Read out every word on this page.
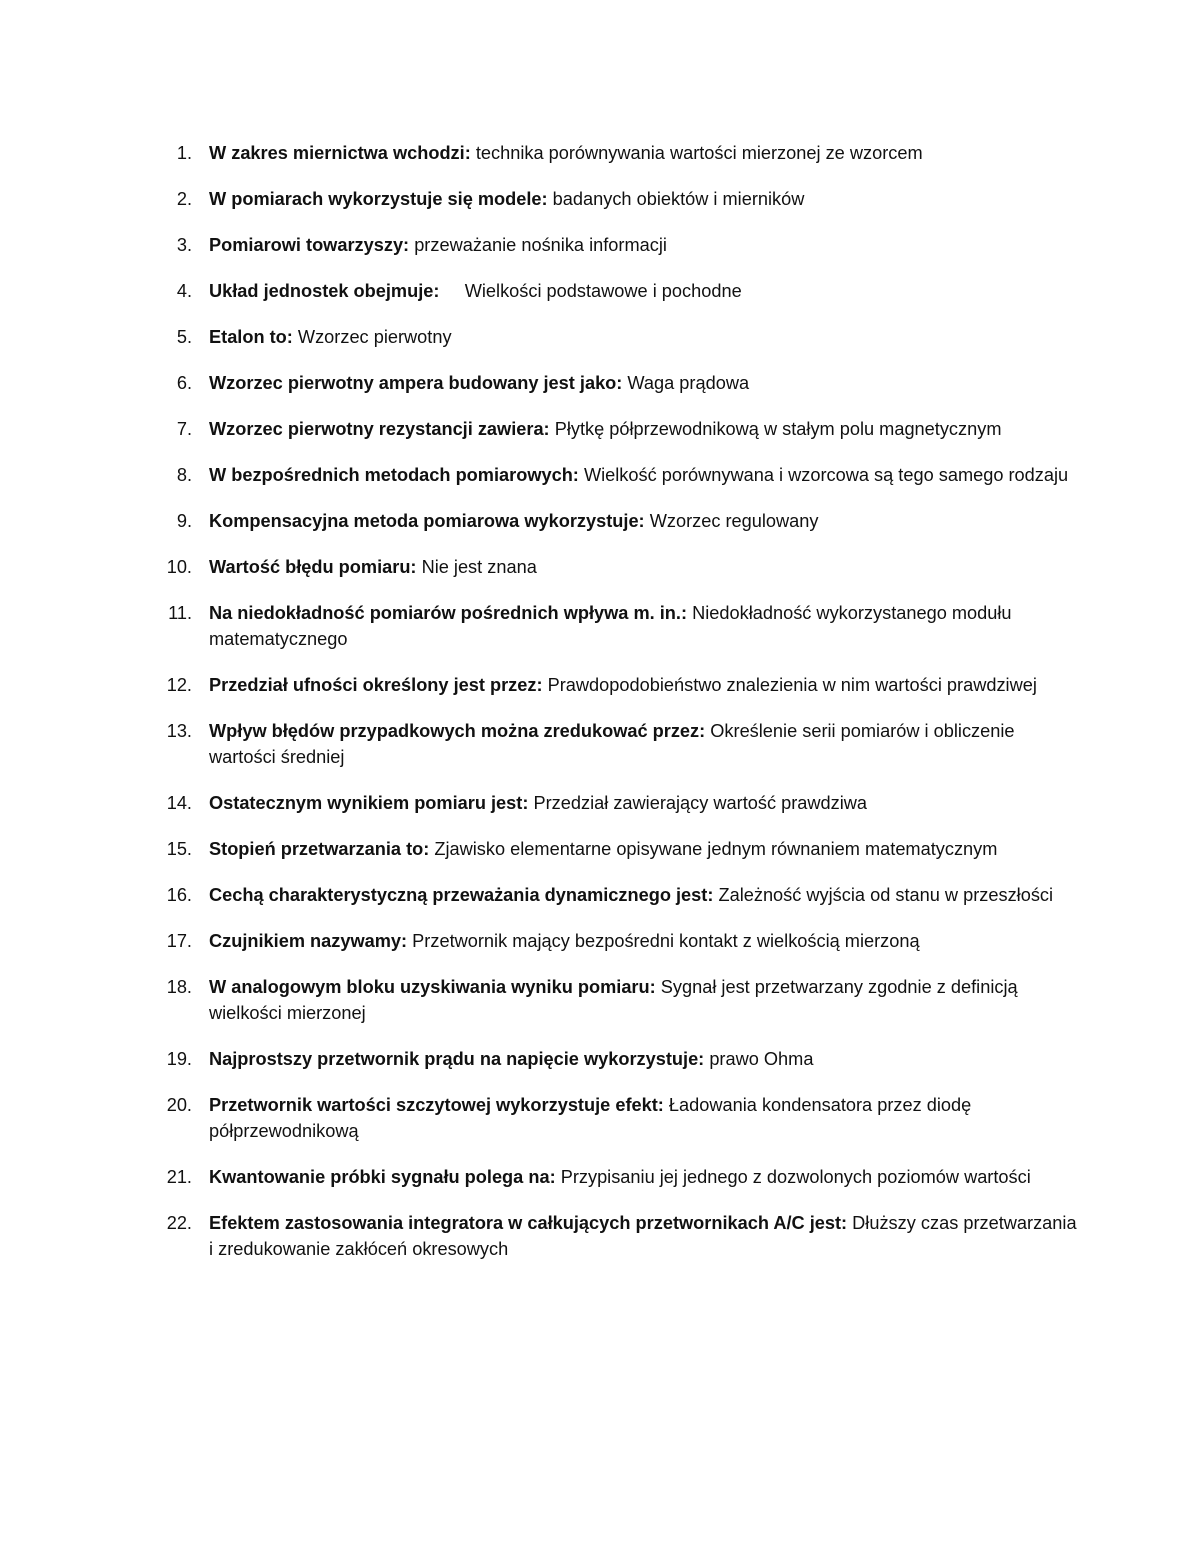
1. W zakres miernictwa wchodzi: technika porównywania wartości mierzonej ze wzorcem
2. W pomiarach wykorzystuje się modele: badanych obiektów i mierników
3. Pomiarowi towarzyszy: przeważanie nośnika informacji
4. Układ jednostek obejmuje: Wielkości podstawowe i pochodne
5. Etalon to: Wzorzec pierwotny
6. Wzorzec pierwotny ampera budowany jest jako: Waga prądowa
7. Wzorzec pierwotny rezystancji zawiera: Płytkę półprzewodnikową w stałym polu magnetycznym
8. W bezpośrednich metodach pomiarowych: Wielkość porównywana i wzorcowa są tego samego rodzaju
9. Kompensacyjna metoda pomiarowa wykorzystuje: Wzorzec regulowany
10. Wartość błędu pomiaru: Nie jest znana
11. Na niedokładność pomiarów pośrednich wpływa m. in.: Niedokładność wykorzystanego modułu matematycznego
12. Przedział ufności określony jest przez: Prawdopodobieństwo znalezienia w nim wartości prawdziwej
13. Wpływ błędów przypadkowych można zredukować przez: Określenie serii pomiarów i obliczenie wartości średniej
14. Ostatecznym wynikiem pomiaru jest: Przedział zawierający wartość prawdziwa
15. Stopień przetwarzania to: Zjawisko elementarne opisywane jednym równaniem matematycznym
16. Cechą charakterystyczną przeważania dynamicznego jest: Zależność wyjścia od stanu w przeszłości
17. Czujnikiem nazywamy: Przetwornik mający bezpośredni kontakt z wielkością mierzoną
18. W analogowym bloku uzyskiwania wyniku pomiaru: Sygnał jest przetwarzany zgodnie z definicją wielkości mierzonej
19. Najprostszy przetwornik prądu na napięcie wykorzystuje: prawo Ohma
20. Przetwornik wartości szczytowej wykorzystuje efekt: Ładowania kondensatora przez diodę półprzewodnikową
21. Kwantowanie próbki sygnału polega na: Przypisaniu jej jednego z dozwolonych poziomów wartości
22. Efektem zastosowania integratora w całkujących przetwornikach A/C jest: Dłuższy czas przetwarzania i zredukowanie zakłóceń okresowych
